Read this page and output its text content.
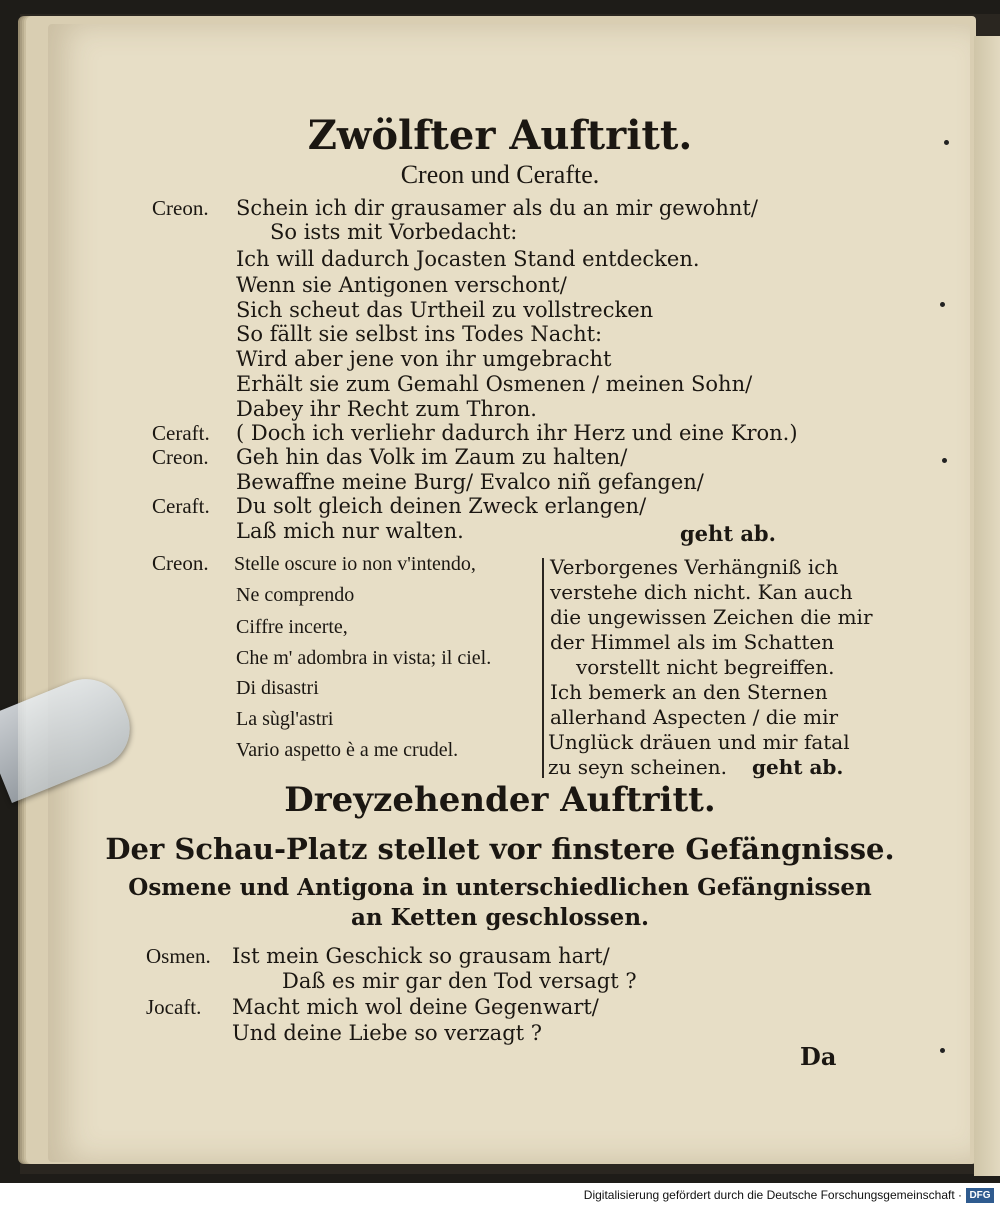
Zwölfter Auftritt.
Creon und Cerafte.
Creon. Schein ich dir grausamer als du an mir gewohnt/
So ists mit Vorbedacht:
Ich will dadurch Jocasten Stand entdecken.
Wenn sie Antigonen verschont/
Sich scheut das Urtheil zu vollstrecken
So fällt sie selbst ins Todes Nacht:
Wird aber jene von ihr umgebracht
Erhält sie zum Gemahl Osmenen / meinen Sohn/
Dabey ihr Recht zum Thron.
Ceraft. ( Doch ich verliehr dadurch ihr Herz und eine Kron.)
Creon. Geh hin das Volk im Zaum zu halten/
Bewaffne meine Burg/ Evalco niñ gefangen/
Ceraft. Du solt gleich deinen Zweck erlangen/
Laß mich nur walten.	geht ab.
Creon. Stelle oscure io non v'intendo,
Ne comprendo
Ciffre incerte,
Che m' adombra in vista; il ciel.
Di disastri
La sùgl'astri
Vario aspetto è a me crudel.
Verborgenes Verhängniß ich
verstehe dich nicht. Kan auch
die ungewissen Zeichen die mir
der Himmel als im Schatten
vorstellt nicht begreiffen.
Ich bemerk an den Sternen
allerhand Aspecten / die mir
Unglück dräuen und mir fatal
zu seyn scheinen. geht ab.
Dreyzehender Auftritt.
Der Schau-Platz stellet vor finstere Gefängnisse.
Osmene und Antigona in unterschiedlichen Gefängnissen
an Ketten geschlossen.
Osmen. Ist mein Geschick so grausam hart/
Daß es mir gar den Tod versagt ?
Jocaft. Macht mich wol deine Gegenwart/
Und deine Liebe so verzagt ?
Da
Digitalisierung gefördert durch die Deutsche Forschungsgemeinschaft · DFG
